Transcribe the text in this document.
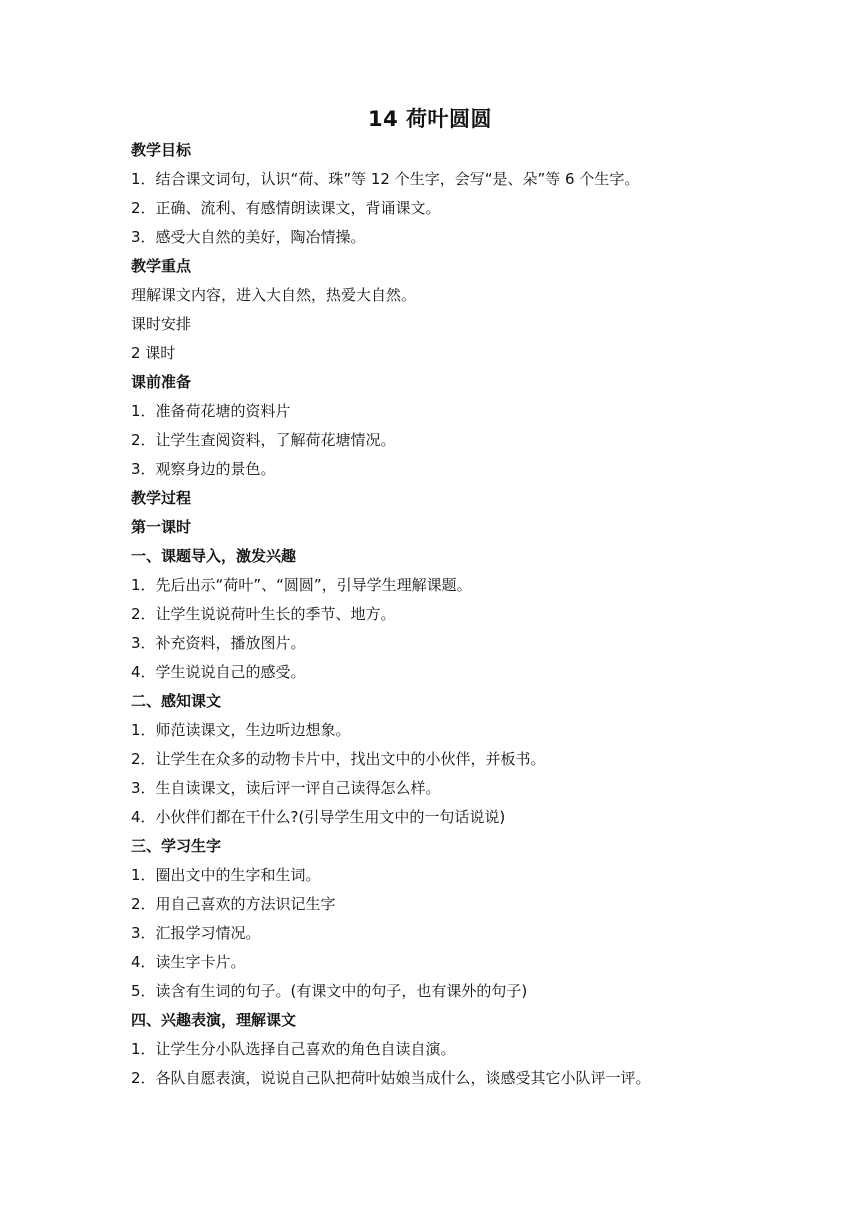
14 荷叶圆圆
教学目标
1．结合课文词句，认识“荷、珠”等 12 个生字，会写“是、朵”等 6 个生字。
2．正确、流利、有感情朗读课文，背诵课文。
3．感受大自然的美好，陶冶情操。
教学重点
理解课文内容，进入大自然，热爱大自然。
课时安排
2 课时
课前准备
1．准备荷花塘的资料片
2．让学生查阅资料，了解荷花塘情况。
3．观察身边的景色。
教学过程
第一课时
一、课题导入，激发兴趣
1．先后出示“荷叶”、“圆圆”，引导学生理解课题。
2．让学生说说荷叶生长的季节、地方。
3．补充资料，播放图片。
4．学生说说自己的感受。
二、感知课文
1．师范读课文，生边听边想象。
2．让学生在众多的动物卡片中，找出文中的小伙伴，并板书。
3．生自读课文，读后评一评自己读得怎么样。
4．小伙伴们都在干什么?(引导学生用文中的一句话说说)
三、学习生字
1．圈出文中的生字和生词。
2．用自己喜欢的方法识记生字
3．汇报学习情况。
4．读生字卡片。
5．读含有生词的句子。(有课文中的句子，也有课外的句子)
四、兴趣表演，理解课文
1．让学生分小队选择自己喜欢的角色自读自演。
2．各队自愿表演，说说自己队把荷叶姑娘当成什么，谈感受其它小队评一评。
